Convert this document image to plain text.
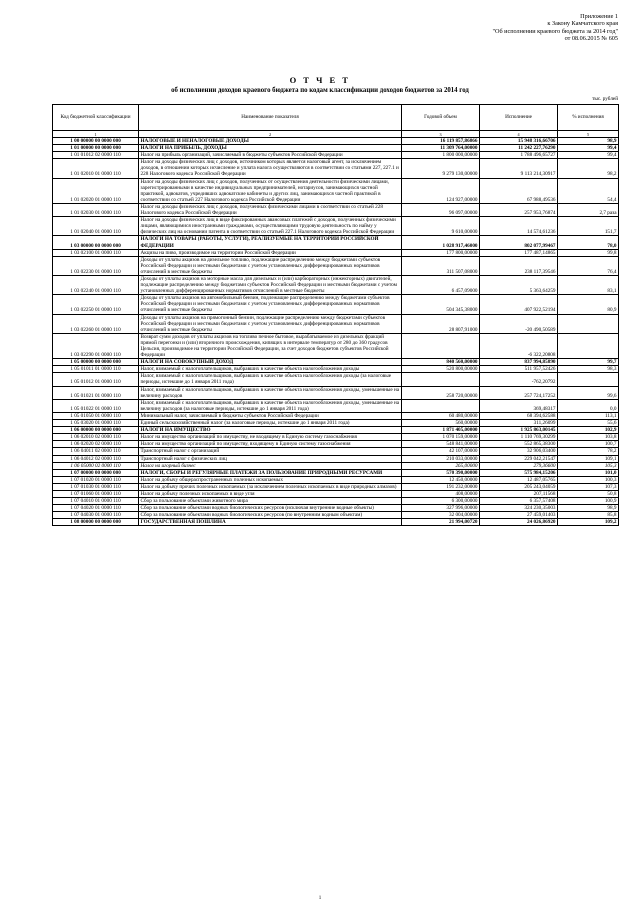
Приложение 1
к Закону Камчатского края
"Об исполнении краевого бюджета за 2014 год"
от 08.06.2015 № 605
О Т Ч Е Т
об исполнении доходов краевого бюджета по кодам классификации доходов бюджетов за 2014 год
тыс. рублей
Код бюджетной классификации	Наименование показателя	Годовой объем	Исполнение	% исполнения
1	2	3	4	5
1 00 00000 00 0000 000	НАЛОГОВЫЕ И НЕНАЛОГОВЫЕ ДОХОДЫ	16 119 857,86866	15 948 316,66706	98,9
1 01 00000 00 0000 000	НАЛОГИ НА ПРИБЫЛЬ, ДОХОДЫ	11 309 764,00000	11 242 227,76290	99,4
1 01 01012 02 0000 110	Налог на прибыль организаций, зачисляемый в бюджеты субъектов Российской Федерации	1 800 000,00000	1 788 496,65727	99,4
1 01 02010 01 0000 110	Налог на доходы физических лиц с доходов, источником которых является налоговый агент, за исключением доходов, в отношении которых исчисление и уплата налога осуществляются в соответствии со статьями 227, 227.1 и 228 Налогового кодекса Российской Федерации	9 279 130,00000	9 113 214,30917	98,2
1 01 02020 01 0000 110	Налог на доходы физических лиц с доходов, полученных от осуществления деятельности физическими лицами, зарегистрированными в качестве индивидуальных предпринимателей, нотариусов, занимающихся частной практикой, адвокатов, учредивших адвокатские кабинеты и других лиц, занимающихся частной практикой в соответствии со статьей 227 Налогового кодекса Российской Федерации	124 927,00000	67 988,49536	54,4
1 01 02030 01 0000 110	Налог на доходы физических лиц с доходов, полученных физическими лицами в соответствии со статьей 228 Налогового кодекса Российской Федерации	96 097,00000	257 953,76874	2,7 раза
1 01 02040 01 0000 110	Налог на доходы физических лиц в виде фиксированных авансовых платежей с доходов, полученных физическими лицами, являющимися иностранными гражданами, осуществляющими трудовую деятельность по найму у физических лиц на основании патента в соответствии со статьей 227.1 Налогового кодекса Российской Федерации	9 610,00000	14 574,61236	151,7
1 03 00000 00 0000 000	НАЛОГИ НА ТОВАРЫ (РАБОТЫ, УСЛУГИ), РЕАЛИЗУЕМЫЕ НА ТЕРРИТОРИИ РОССИЙСКОЙ ФЕДЕРАЦИИ	1 028 917,46000	802 077,99467	78,0
1 03 02100 01 0000 110	Акцизы на пиво, производимое на территории Российской Федерации	177 800,00000	177 487,14865	99,8
1 03 02230 01 0000 110	Доходы от уплаты акцизов на дизельное топливо, подлежащие распределению между бюджетами субъектов Российской Федерации и местными бюджетами с учетом установленных дифференцированных нормативов отчислений в местные бюджеты	311 507,08000	238 117,39546	76,4
1 03 02240 01 0000 110	Доходы от уплаты акцизов на моторные масла для дизельных и (или) карбюраторных (инжекторных) двигателей, подлежащие распределению между бюджетами субъектов Российской Федерации и местными бюджетами с учетом установленных дифференцированных нормативов отчислений в местные бюджеты	6 457,09000	5 363,64259	83,1
1 03 02250 01 0000 110	Доходы от уплаты акцизов на автомобильный бензин, подлежащие распределению между бюджетами субъектов Российской Федерации и местными бюджетами с учетом установленных дифференцированных нормативов отчислений в местные бюджеты	504 345,38000	407 922,52194	80,9
1 03 02260 01 0000 110	Доходы от уплаты акцизов на прямогонный бензин, подлежащие распределению между бюджетами субъектов Российской Федерации и местными бюджетами с учетом установленных дифференцированных нормативов отчислений в местные бюджеты	28 807,91000	-20 490,50589	
1 03 02290 01 0000 110	Возврат сумм доходов от уплаты акцизов на топливо печное бытовое, вырабатываемое из дизельных фракций прямой перегонки и (или) вторичного происхождения, кипящих в интервале температур от 280 до 360 градусов Цельсия, производимое на территории Российской Федерации, за счет доходов бюджетов субъектов Российской Федерации		-6 322,20808	
1 05 00000 00 0000 000	НАЛОГИ НА СОВОКУПНЫЙ ДОХОД	840 560,00000	837 994,85890	99,7
1 05 01011 01 0000 110	Налог, взимаемый с налогоплательщиков, выбравших в качестве объекта налогообложения доходы	520 800,00000	511 957,52426	98,3
1 05 01012 01 0000 110	Налог, взимаемый с налогоплательщиков, выбравших в качестве объекта налогообложения доходы (за налоговые периоды, истекшие до 1 января 2011 года)		-762,20792	
1 05 01021 01 0000 110	Налог, взимаемый с налогоплательщиков, выбравших в качестве объекта налогообложения доходы, уменьшенные на величину расходов	258 720,00000	257 724,17252	99,6
1 05 01022 01 0000 110	Налог, взимаемый с налогоплательщиков, выбравших в качестве объекта налогообложения доходы, уменьшенные на величину расходов (за налоговые периоды, истекшие до 1 января 2011 года)		369,48317	0,0
1 05 01050 01 0000 110	Минимальный налог, зачисляемый в бюджеты субъектов Российской Федерации	60 480,00000	68 394,62588	113,1
1 05 03020 01 0000 110	Единый сельскохозяйственный налог (за налоговые периоды, истекшие до 1 января 2011 года)	560,00000	311,26099	55,6
1 06 00000 00 0000 000	НАЛОГИ НА ИМУЩЕСТВО	1 871 405,00000	1 925 863,00145	102,9
1 06 02010 02 0000 110	Налог на имущество организаций по имуществу, не входящему в Единую систему газоснабжения	1 070 159,00000	1 110 769,30299	103,8
1 06 02020 02 0000 110	Налог на имущество организаций по имуществу, входящему в Единую систему газоснабжения	548 841,00000	552 865,38300	100,7
1 06 04011 02 0000 110	Транспортный налог с организаций	42 107,00000	32 906,03400	78,2
1 06 04012 02 0000 110	Транспортный налог с физических лиц	210 033,00000	229 042,21547	109,1
1 06 05000 02 0000 110	Налог на игорный бизнес	265,00000	279,36600	105,3
1 07 00000 00 0000 000	НАЛОГИ, СБОРЫ И РЕГУЛЯРНЫЕ ПЛАТЕЖИ ЗА ПОЛЬЗОВАНИЕ ПРИРОДНЫМИ РЕСУРСАМИ	570 390,00000	575 984,15206	101,0
1 07 01020 01 0000 110	Налог на добычу общераспространенных полезных ископаемых	12 450,00000	12 487,05765	100,3
1 07 01030 01 0000 110	Налог на добычу прочих полезных ископаемых (за исключением полезных ископаемых в виде природных алмазов)	191 232,00000	205 243,04059	107,3
1 07 01060 01 0000 110	Налог на добычу полезных ископаемых в виде угля	408,00000	207,11568	50,8
1 07 04010 01 0000 110	Сбор за пользование объектами животного мира	6 300,00000	6 357,57408	100,9
1 07 04020 01 0000 110	Сбор за пользование объектами водных биологических ресурсов (исключая внутренние водные объекты)	327 996,00000	324 230,35003	98,9
1 07 04030 01 0000 110	Сбор за пользование объектами водных биологических ресурсов (по внутренним водным объектам)	32 004,00000	27 459,01403	85,8
1 08 00000 00 0000 000	ГОСУДАРСТВЕННАЯ ПОШЛИНА	21 994,00720	24 026,86920	109,2
1
